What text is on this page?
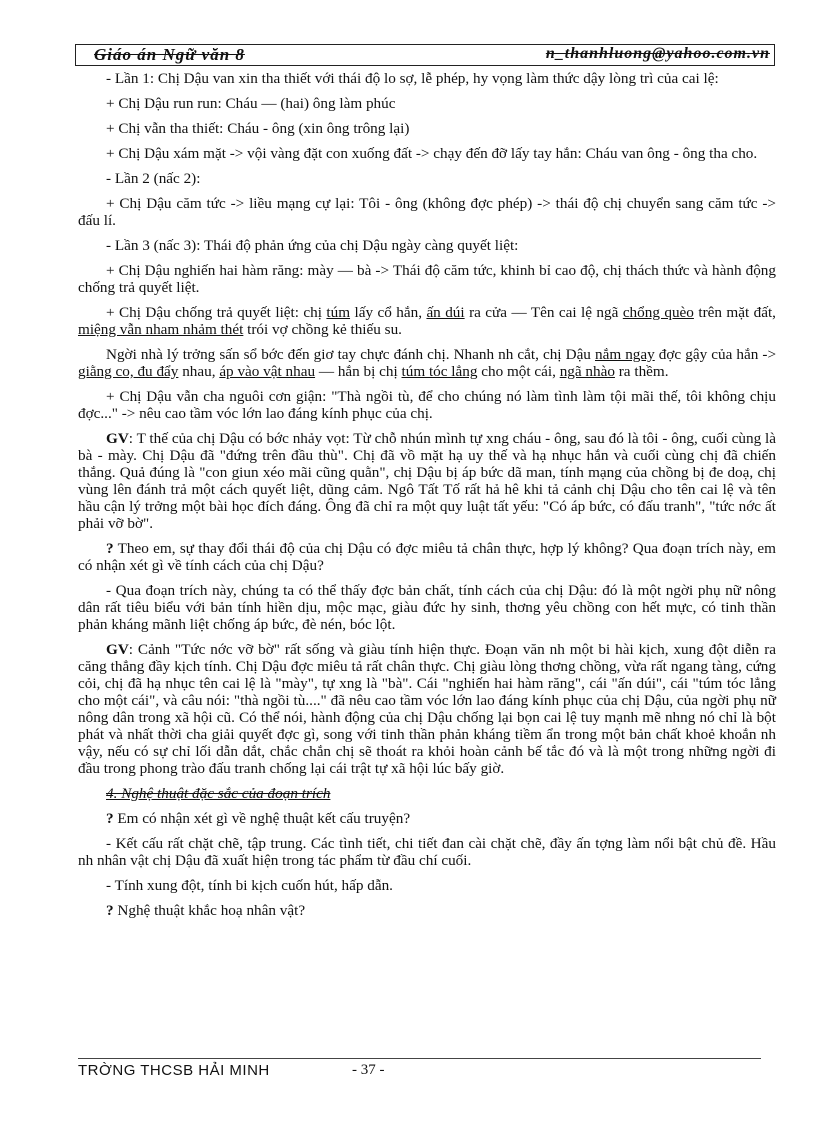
Giáo án Ngữ văn 8	n_thanhluong@yahoo.com.vn

- Lần 1: Chị Dậu van xin tha thiết với thái độ lo sợ, lễ phép, hy vọng làm thức dậy lòng trì của cai lệ:

+ Chị Dậu run run: Cháu — (hai) ông làm phúc

+ Chị vẫn tha thiết: Cháu - ông (xin ông trông lại)

+ Chị Dậu xám mặt -> vội vàng đặt con xuống đất -> chạy đến đỡ lấy tay hắn: Cháu van ông - ông tha cho.

- Lần 2 (nấc 2):

+ Chị Dậu căm tức -> liều mạng cự lại: Tôi - ông (không đợc phép) -> thái độ chị chuyển sang căm tức -> đấu lí.

- Lần 3 (nấc 3): Thái độ phản ứng của chị Dậu ngày càng quyết liệt:

+ Chị Dậu nghiến hai hàm răng: mày — bà -> Thái độ căm tức, khinh bỉ cao độ, chị thách thức và hành động chống trả quyết liệt.

+ Chị Dậu chống trả quyết liệt: chị túm lấy cổ hắn, ấn dúi ra cửa — Tên cai lệ ngã chổng quèo trên mặt đất, miệng vẫn nham nhảm thét trói vợ chồng kẻ thiếu su.

Ngời nhà lý trởng sấn sổ bớc đến giơ tay chực đánh chị. Nhanh nh cắt, chị Dậu nắm ngay đợc gậy của hắn -> giằng co, đu đẩy nhau, áp vào vật nhau — hắn bị chị túm tóc lẳng cho một cái, ngã nhào ra thềm.

+ Chị Dậu vẫn cha nguôi cơn giận: "Thà ngồi tù, để cho chúng nó làm tình làm tội mãi thế, tôi không chịu đợc..." -> nêu cao tầm vóc lớn lao đáng kính phục của chị.

GV: T thế của chị Dậu có bớc nhảy vọt: Từ chỗ nhún mình tự xng cháu - ông, sau đó là tôi - ông, cuối cùng là bà - mày. Chị Dậu đã "đứng trên đầu thù". Chị đã vồ mặt hạ uy thế và hạ nhục hắn và cuối cùng chị đã chiến thắng. Quả đúng là "con giun xéo mãi cũng quằn", chị Dậu bị áp bức dã man, tính mạng của chồng bị đe doạ, chị vùng lên đánh trả một cách quyết liệt, dũng cảm. Ngô Tất Tố rất hả hê khi tả cảnh chị Dậu cho tên cai lệ và tên hầu cận lý trởng một bài học đích đáng. Ông đã chỉ ra một quy luật tất yếu: "Có áp bức, có đấu tranh", "tức nớc ất phải vỡ bờ".

? Theo em, sự thay đổi thái độ của chị Dậu có đợc miêu tả chân thực, hợp lý không? Qua đoạn trích này, em có nhận xét gì về tính cách của chị Dậu?

- Qua đoạn trích này, chúng ta có thể thấy đợc bản chất, tính cách của chị Dậu: đó là một ngời phụ nữ nông dân rất tiêu biểu với bản tính hiền dịu, mộc mạc, giàu đức hy sinh, thơng yêu chồng con hết mực, có tinh thần phản kháng mãnh liệt chống áp bức, đè nén, bóc lột.

GV: Cảnh "Tức nớc vỡ bờ" rất sống và giàu tính hiện thực. Đoạn văn nh một bi hài kịch, xung đột diễn ra căng thẳng đầy kịch tính. Chị Dậu đợc miêu tả rất chân thực. Chị giàu lòng thơng chồng, vừa rất ngang tàng, cứng cỏi, chị đã hạ nhục tên cai lệ là "mày", tự xng là "bà". Cái "nghiến hai hàm răng", cái "ấn dúi", cái "túm tóc lẳng cho một cái", và câu nói: "thà ngồi tù...." đã nêu cao tầm vóc lớn lao đáng kính phục của chị Dậu, của ngời phụ nữ nông dân trong xã hội cũ. Có thể nói, hành động của chị Dậu chống lại bọn cai lệ tuy mạnh mẽ nhng nó chỉ là bột phát và nhất thời cha giải quyết đợc gì, song với tinh thần phản kháng tiềm ẩn trong một bản chất khoẻ khoắn nh vậy, nếu có sự chỉ lối dẫn dắt, chắc chắn chị sẽ thoát ra khỏi hoàn cảnh bế tắc đó và là một trong những ngời đi đầu trong phong trào đấu tranh chống lại cái trật tự xã hội lúc bấy giờ.

4. Nghệ thuật đặc sắc của đoạn trích

? Em có nhận xét gì về nghệ thuật kết cấu truyện?

- Kết cấu rất chặt chẽ, tập trung. Các tình tiết, chi tiết đan cài chặt chẽ, đầy ấn tợng làm nổi bật chủ đề. Hầu nh nhân vật chị Dậu đã xuất hiện trong tác phẩm từ đầu chí cuối.

- Tính xung đột, tính bi kịch cuốn hút, hấp dẫn.

? Nghệ thuật khắc hoạ nhân vật?

TRỜNG THCSB HẢI MINH	- 37 -
